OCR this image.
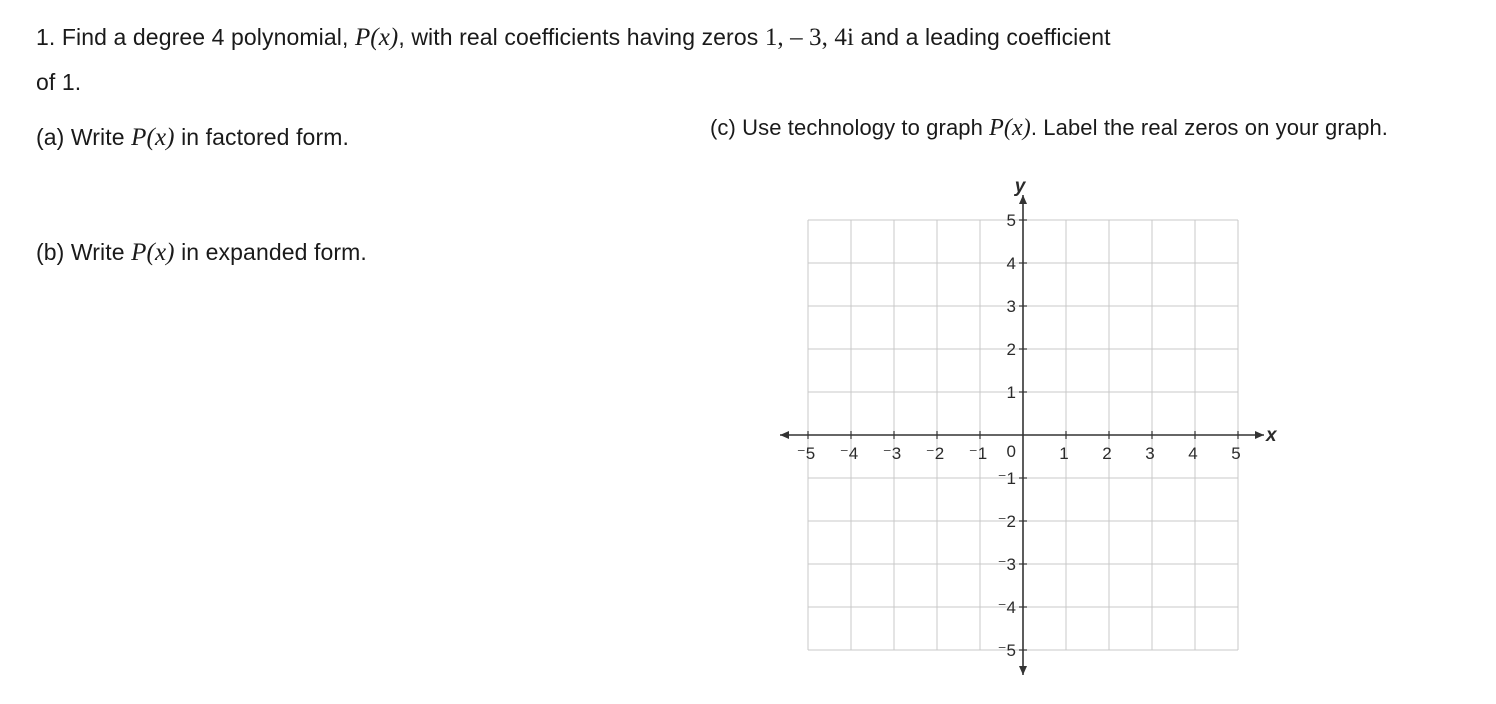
1. Find a degree 4 polynomial, P(x), with real coefficients having zeros 1, – 3, 4i and a leading coefficient
of 1.
(a) Write P(x) in factored form.
(b) Write P(x) in expanded form.
(c) Use technology to graph P(x). Label the real zeros on your graph.
⁻5 ⁻4 ⁻3 ⁻2 ⁻1	1 2 3 4 5
5
4
3
2
1
⁻1
⁻2
⁻3
⁻4
⁻5
0
x
y
